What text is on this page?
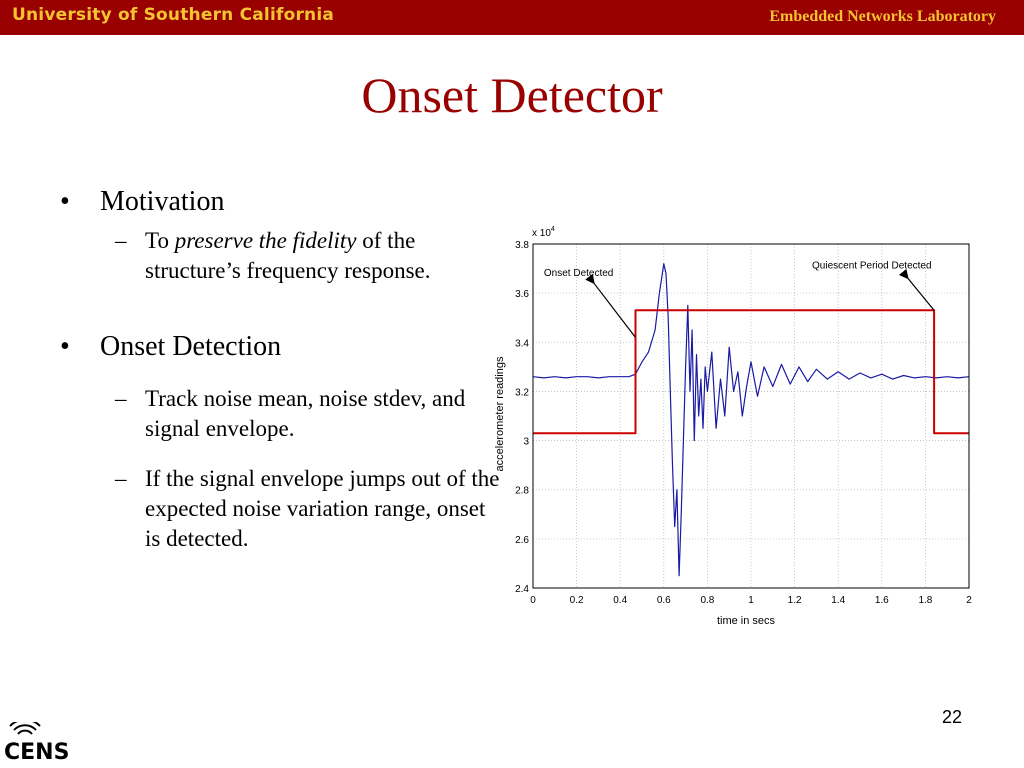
University of Southern California	Embedded Networks Laboratory
Onset Detector
• Motivation
– To preserve the fidelity of the structure’s frequency response.
• Onset Detection
– Track noise mean, noise stdev, and signal envelope.
– If the signal envelope jumps out of the expected noise variation range, onset is detected.
x $10^4$
time in secs
accelerometer readings
0	0.2	0.4	0.6	0.8	1	1.2	1.4	1.6	1.8	2
2.4
2.6
2.8
3
3.2
3.4
3.6
3.8
Onset Detected
Quiescent Period Detected
22
CENS
